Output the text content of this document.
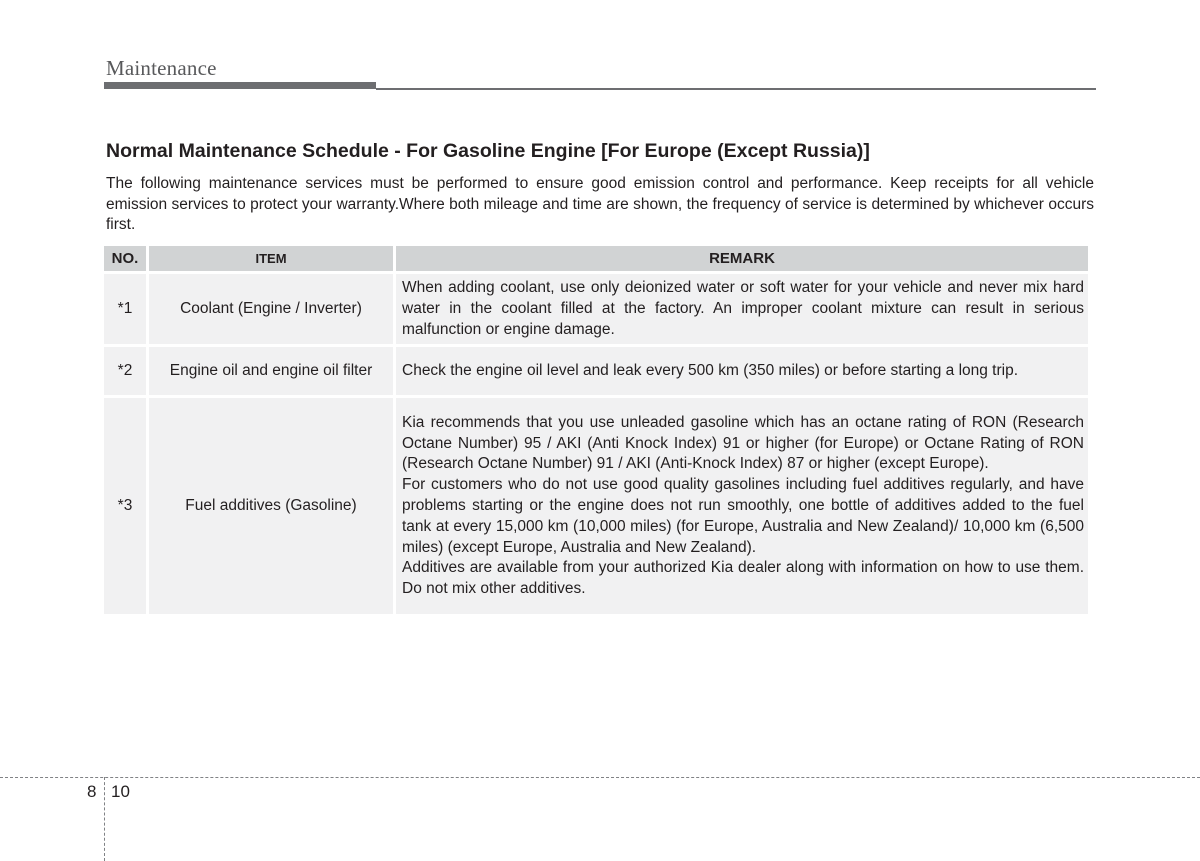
Maintenance
Normal Maintenance Schedule - For Gasoline Engine [For Europe (Except Russia)]

The following maintenance services must be performed to ensure good emission control and performance. Keep receipts for all vehicle emission services to protect your warranty.Where both mileage and time are shown, the frequency of service is determined by whichever occurs first.

NO.	ITEM	REMARK
*1	Coolant (Engine / Inverter)	When adding coolant, use only deionized water or soft water for your vehicle and never mix hard water in the coolant filled at the factory. An improper coolant mixture can result in serious malfunction or engine damage.

*2	Engine oil and engine oil filter	Check the engine oil level and leak every 500 km (350 miles) or before starting a long trip.

*3	Fuel additives (Gasoline)	Kia recommends that you use unleaded gasoline which has an octane rating of RON (Research Octane Number) 95 / AKI (Anti Knock Index) 91 or higher (for Europe) or Octane Rating of RON (Research Octane Number) 91 / AKI (Anti-Knock Index) 87 or higher (except Europe).
For customers who do not use good quality gasolines including fuel additives regularly, and have problems starting or the engine does not run smoothly, one bottle of additives added to the fuel tank at every 15,000 km (10,000 miles) (for Europe, Australia and New Zealand)/ 10,000 km (6,500 miles) (except Europe, Australia and New Zealand).
Additives are available from your authorized Kia dealer along with information on how to use them. Do not mix other additives.
8 10
